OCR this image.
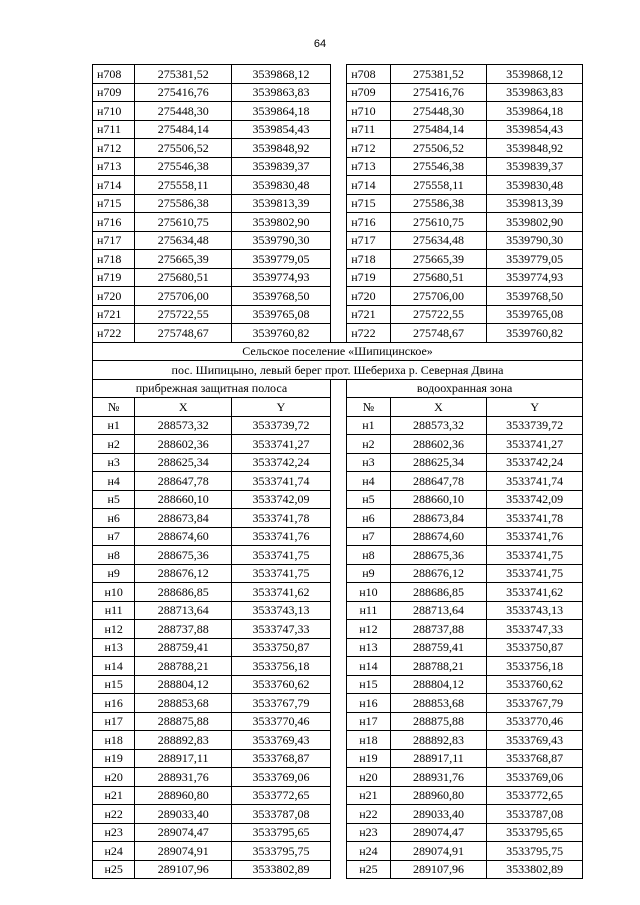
64
н708	275381,52	3539868,12		н708	275381,52	3539868,12
н709	275416,76	3539863,83		н709	275416,76	3539863,83
н710	275448,30	3539864,18		н710	275448,30	3539864,18
н711	275484,14	3539854,43		н711	275484,14	3539854,43
н712	275506,52	3539848,92		н712	275506,52	3539848,92
н713	275546,38	3539839,37		н713	275546,38	3539839,37
н714	275558,11	3539830,48		н714	275558,11	3539830,48
н715	275586,38	3539813,39		н715	275586,38	3539813,39
н716	275610,75	3539802,90		н716	275610,75	3539802,90
н717	275634,48	3539790,30		н717	275634,48	3539790,30
н718	275665,39	3539779,05		н718	275665,39	3539779,05
н719	275680,51	3539774,93		н719	275680,51	3539774,93
н720	275706,00	3539768,50		н720	275706,00	3539768,50
н721	275722,55	3539765,08		н721	275722,55	3539765,08
н722	275748,67	3539760,82		н722	275748,67	3539760,82
Сельское поселение «Шипицинское»						
пос. Шипицыно, левый берег прот. Шебериха р. Северная Двина						
прибрежная защитная полоса				водоохранная зона		
№	X	Y		№	X	Y
н1	288573,32	3533739,72		н1	288573,32	3533739,72
н2	288602,36	3533741,27		н2	288602,36	3533741,27
н3	288625,34	3533742,24		н3	288625,34	3533742,24
н4	288647,78	3533741,74		н4	288647,78	3533741,74
н5	288660,10	3533742,09		н5	288660,10	3533742,09
н6	288673,84	3533741,78		н6	288673,84	3533741,78
н7	288674,60	3533741,76		н7	288674,60	3533741,76
н8	288675,36	3533741,75		н8	288675,36	3533741,75
н9	288676,12	3533741,75		н9	288676,12	3533741,75
н10	288686,85	3533741,62		н10	288686,85	3533741,62
н11	288713,64	3533743,13		н11	288713,64	3533743,13
н12	288737,88	3533747,33		н12	288737,88	3533747,33
н13	288759,41	3533750,87		н13	288759,41	3533750,87
н14	288788,21	3533756,18		н14	288788,21	3533756,18
н15	288804,12	3533760,62		н15	288804,12	3533760,62
н16	288853,68	3533767,79		н16	288853,68	3533767,79
н17	288875,88	3533770,46		н17	288875,88	3533770,46
н18	288892,83	3533769,43		н18	288892,83	3533769,43
н19	288917,11	3533768,87		н19	288917,11	3533768,87
н20	288931,76	3533769,06		н20	288931,76	3533769,06
н21	288960,80	3533772,65		н21	288960,80	3533772,65
н22	289033,40	3533787,08		н22	289033,40	3533787,08
н23	289074,47	3533795,65		н23	289074,47	3533795,65
н24	289074,91	3533795,75		н24	289074,91	3533795,75
н25	289107,96	3533802,89		н25	289107,96	3533802,89
